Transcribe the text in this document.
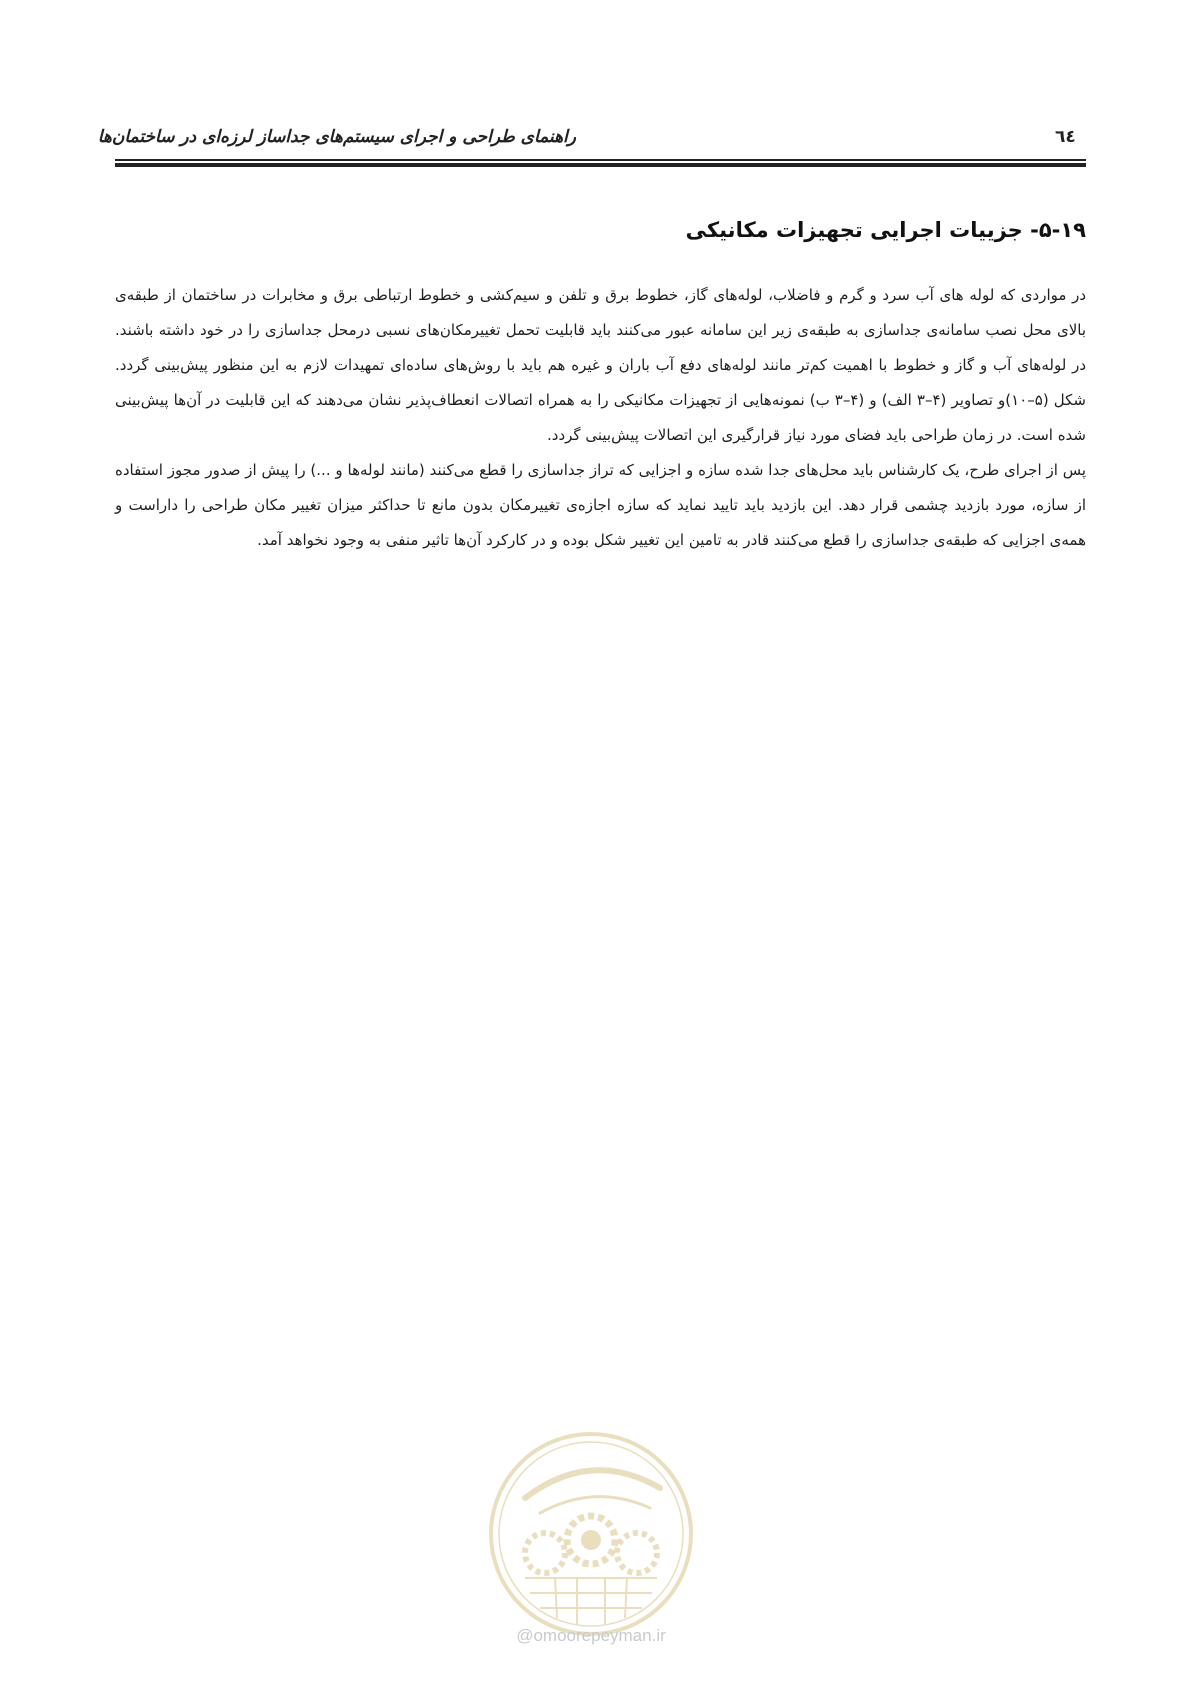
راهنمای طراحی و اجرای سیستم‌های جداساز لرزه‌ای در ساختمان‌ها	٦٤
۵-۱۹- جزییات اجرایی تجهیزات مکانیکی

در مواردی که لوله های آب سرد و گرم و فاضلاب، لوله‌های گاز، خطوط برق و تلفن و سیم‌کشی و خطوط ارتباطی برق و مخابرات در ساختمان از طبقه‌ی بالای محل نصب سامانه‌ی جداسازی به طبقه‌ی زیر این سامانه عبور می‌کنند باید قابلیت تحمل تغییرمکان‌های نسبی درمحل جداسازی را در خود داشته باشند. در لوله‌های آب و گاز و خطوط با اهمیت کم‌تر مانند لوله‌های دفع آب باران و غیره هم باید با روش‌های ساده‌ای تمهیدات لازم به این منظور پیش‌بینی گردد. شکل (۵–۱۰)و تصاویر (۴–۳ الف) و (۴–۳ ب) نمونه‌هایی از تجهیزات مکانیکی را به همراه اتصالات انعطاف‌پذیر نشان می‌دهند که این قابلیت در آن‌ها پیش‌بینی شده است. در زمان طراحی باید فضای مورد نیاز قرارگیری این اتصالات پیش‌بینی گردد.

پس از اجرای طرح، یک کارشناس باید محل‌های جدا شده سازه و اجزایی که تراز جداسازی را قطع می‌کنند (مانند لوله‌ها و ...) را پیش از صدور مجوز استفاده از سازه، مورد بازدید چشمی قرار دهد. این بازدید باید تایید نماید که سازه اجازه‌ی تغییرمکان بدون مانع تا حداکثر میزان تغییر مکان طراحی را داراست و همه‌ی اجزایی که طبقه‌ی جداسازی را قطع می‌کنند قادر به تامین این تغییر شکل بوده و در کارکرد آن‌ها تاثیر منفی به وجود نخواهد آمد.

@omoorepeyman.ir
